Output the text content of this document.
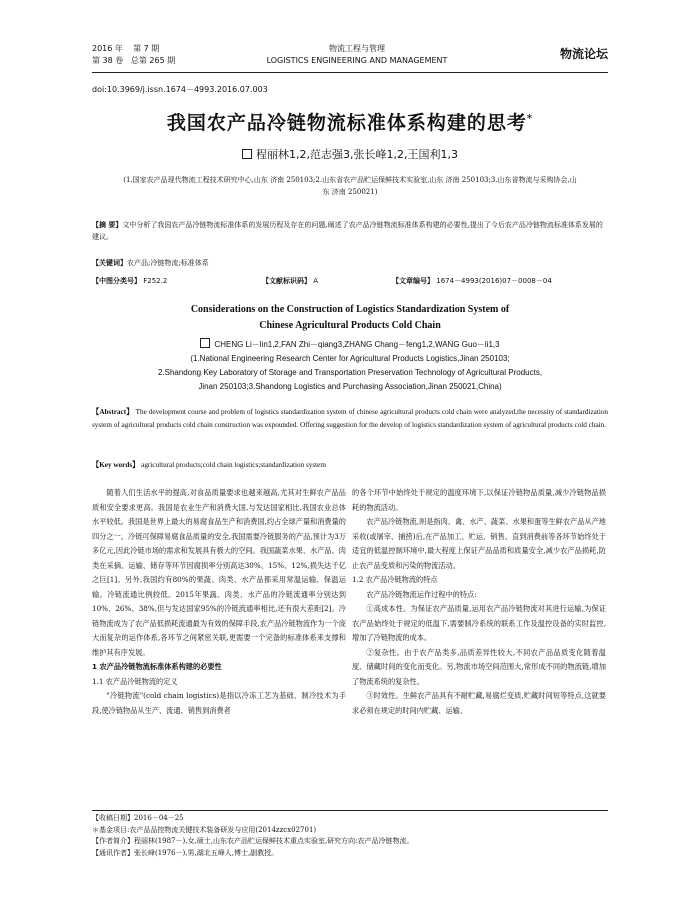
2016 年    第 7 期
第 38 卷   总第 265 期
物流工程与管理
LOGISTICS ENGINEERING AND MANAGEMENT	物流论坛
doi:10.3969/j.issn.1674－4993.2016.07.003
我国农产品冷链物流标准体系构建的思考*
程丽林1,2,范志强3,张长峰1,2,王国利1,3
(1.国家农产品现代物流工程技术研究中心,山东 济南 250103;2.山东省农产品贮运保鲜技术实验室,山东 济南 250103;3.山东省物流与采购协会,山东 济南 250021)
【摘 要】文中分析了我国农产品冷链物流标准体系的发展历程及存在的问题,阐述了农产品冷链物流标准体系构建的必要性,提出了今后农产品冷链物流标准体系发展的建议。
【关键词】农产品;冷链物流;标准体系
【中图分类号】 F252.2	【文献标识码】 A	【文章编号】 1674－4993(2016)07－0008－04
Considerations on the Construction of Logistics Standardization System of
Chinese Agricultural Products Cold Chain
CHENG Li－lin1,2,FAN Zhi－qiang3,ZHANG Chang－feng1,2,WANG Guo－li1,3
(1.National Engineering Research Center for Agricultural Products Logistics,Jinan 250103;
2.Shandong Key Laboratory of Storage and Transportation Preservation Technology of Agricultural Products,
Jinan 250103;3.Shandong Logistics and Purchasing Association,Jinan 250021,China)
【Abstract】 The development course and problem of logistics standardization system of chinese agricultural products cold chain were analyzed,the necessity of standardization system of agricultural products cold chain construction was expounded. Offering suggestion for the develop of logistics standardization system of agricultural products cold chain.
【Key words】 agricultural products;cold chain logistics;standardization system

随着人们生活水平的提高,对食品质量要求也越来越高,尤其对生鲜农产品品质和安全要求更高。我国是农业生产和消费大国,与发达国家相比,我国农业总体水平较低。我国是世界上最大的易腐食品生产和消费国,约占全球产量和消费量的四分之一。冷链可保障易腐食品质量的安全,我国需要冷链服务的产品,预计为3万多亿元,因此冷链市场的需求和发展具有极大的空间。我国蔬菜水果、水产品、肉类在采摘、运输、储存等环节因腐损率分别高达30%、15%、12%,损失达千亿之巨[1]。另外,我国约有80%的果蔬、肉类、水产品都采用常温运输、保温运输。冷链流通比例较低。2015年果蔬、肉类、水产品的冷链流通率分别达到10%、26%、38%,但与发达国家95%的冷链流通率相比,还有很大差距[2]。冷链物流成为了农产品低损耗流通最为有效的保障手段,农产品冷链物流作为一个庞大而复杂的运作体系,各环节之间紧密关联,更需要一个完备的标准体系来支撑和维护其有序发展。

1 农产品冷链物流标准体系构建的必要性

1.1 农产品冷链物流的定义

"冷链物流"(cold chain logistics)是指以冷冻工艺为基础、制冷技术为手段,使冷链物品从生产、流通、销售到消费者

的各个环节中始终处于规定的温度环境下,以保证冷链物品质量,减少冷链物品损耗的物流活动。

农产品冷链物流,则是指肉、禽、水产、蔬菜、水果和蛋等生鲜农产品从产地采收(或屠宰、捕捞)后,在产品加工、贮运、销售、直到消费前等各环节始终处于适宜的低温控制环境中,最大程度上保证产品品质和质量安全,减少农产品损耗,防止农产品变质和污染的物流活动。

1.2 农产品冷链物流的特点

农产品冷链物流运作过程中的特点:

①高成本性。为保证农产品质量,运用农产品冷链物流对其进行运输,为保证农产品始终处于规定的低温下,需要制冷系统的联系工作及温控设备的实时监控,增加了冷链物流的成本。

②复杂性。由于农产品类多,品质差异性较大,不同农产品品质变化随着温度、储藏时间的变化而变化。另,物流市场空间范围大,常形成不同的物流链,增加了物流系统的复杂性。

③时效性。生鲜农产品具有不耐贮藏,易腐烂变质,贮藏时间短等特点,这就要求必须在规定的时间内贮藏、运输、

【收稿日期】2016－04－25
＊基金项目:农产品品控物流关键技术装备研发与应用(2014zzcx02701)
【作者简介】程丽林(1987－),女,硕士,山东农产品贮运保鲜技术重点实验室,研究方向:农产品冷链物流。
【通讯作者】张长峰(1976－),男,湖北五峰人,博士,副教授。
